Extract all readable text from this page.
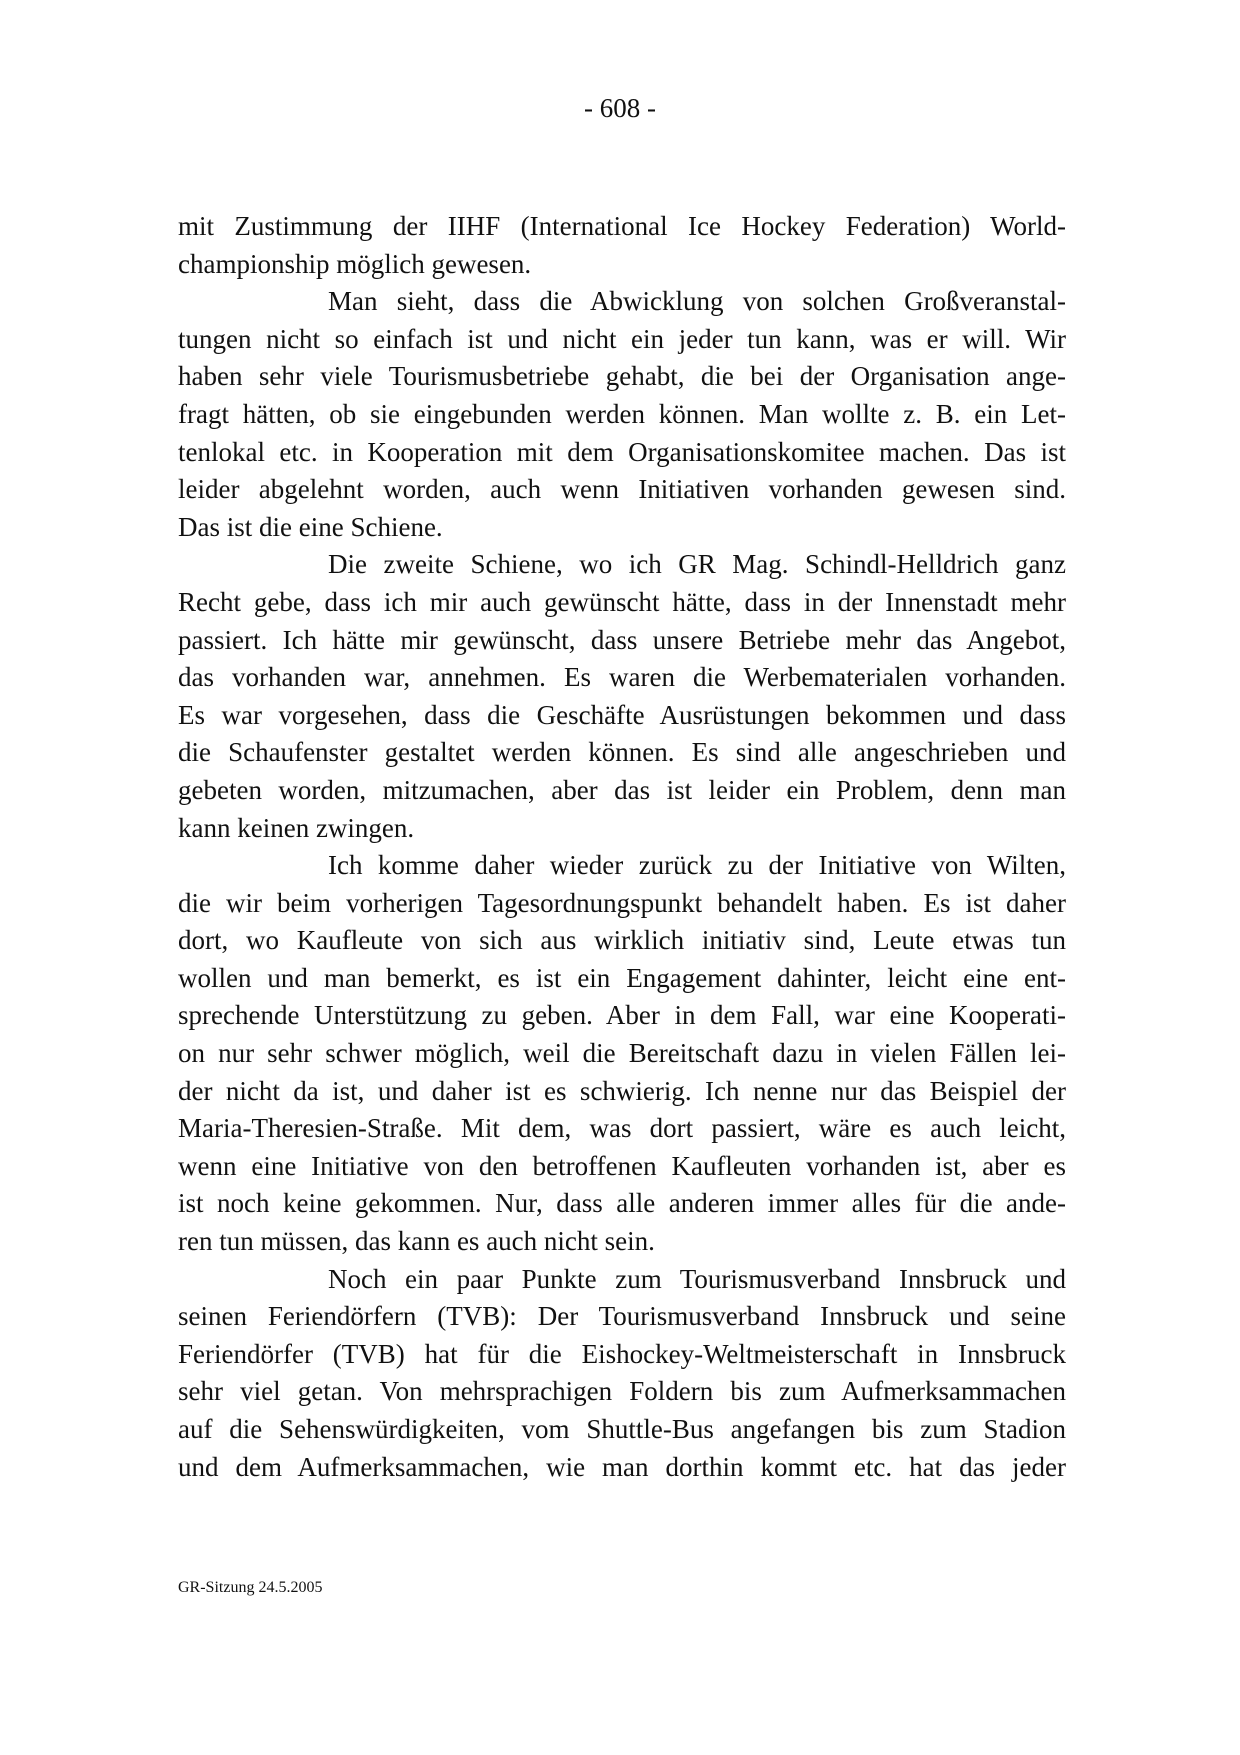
- 608 -
mit Zustimmung der IIHF (International Ice Hockey Federation) World-
championship möglich gewesen.
Man sieht, dass die Abwicklung von solchen Großveranstal-
tungen nicht so einfach ist und nicht ein jeder tun kann, was er will. Wir
haben sehr viele Tourismusbetriebe gehabt, die bei der Organisation ange-
fragt hätten, ob sie eingebunden werden können. Man wollte z. B. ein Let-
tenlokal etc. in Kooperation mit dem Organisationskomitee machen. Das ist
leider abgelehnt worden, auch wenn Initiativen vorhanden gewesen sind.
Das ist die eine Schiene.
Die zweite Schiene, wo ich GR Mag. Schindl-Helldrich ganz
Recht gebe, dass ich mir auch gewünscht hätte, dass in der Innenstadt mehr
passiert. Ich hätte mir gewünscht, dass unsere Betriebe mehr das Angebot,
das vorhanden war, annehmen. Es waren die Werbematerialen vorhanden.
Es war vorgesehen, dass die Geschäfte Ausrüstungen bekommen und dass
die Schaufenster gestaltet werden können. Es sind alle angeschrieben und
gebeten worden, mitzumachen, aber das ist leider ein Problem, denn man
kann keinen zwingen.
Ich komme daher wieder zurück zu der Initiative von Wilten,
die wir beim vorherigen Tagesordnungspunkt behandelt haben. Es ist daher
dort, wo Kaufleute von sich aus wirklich initiativ sind, Leute etwas tun
wollen und man bemerkt, es ist ein Engagement dahinter, leicht eine ent-
sprechende Unterstützung zu geben. Aber in dem Fall, war eine Kooperati-
on nur sehr schwer möglich, weil die Bereitschaft dazu in vielen Fällen lei-
der nicht da ist, und daher ist es schwierig. Ich nenne nur das Beispiel der
Maria-Theresien-Straße. Mit dem, was dort passiert, wäre es auch leicht,
wenn eine Initiative von den betroffenen Kaufleuten vorhanden ist, aber es
ist noch keine gekommen. Nur, dass alle anderen immer alles für die ande-
ren tun müssen, das kann es auch nicht sein.
Noch ein paar Punkte zum Tourismusverband Innsbruck und
seinen Feriendörfern (TVB): Der Tourismusverband Innsbruck und seine
Feriendörfer (TVB) hat für die Eishockey-Weltmeisterschaft in Innsbruck
sehr viel getan. Von mehrsprachigen Foldern bis zum Aufmerksammachen
auf die Sehenswürdigkeiten, vom Shuttle-Bus angefangen bis zum Stadion
und dem Aufmerksammachen, wie man dorthin kommt etc. hat das jeder
GR-Sitzung 24.5.2005
